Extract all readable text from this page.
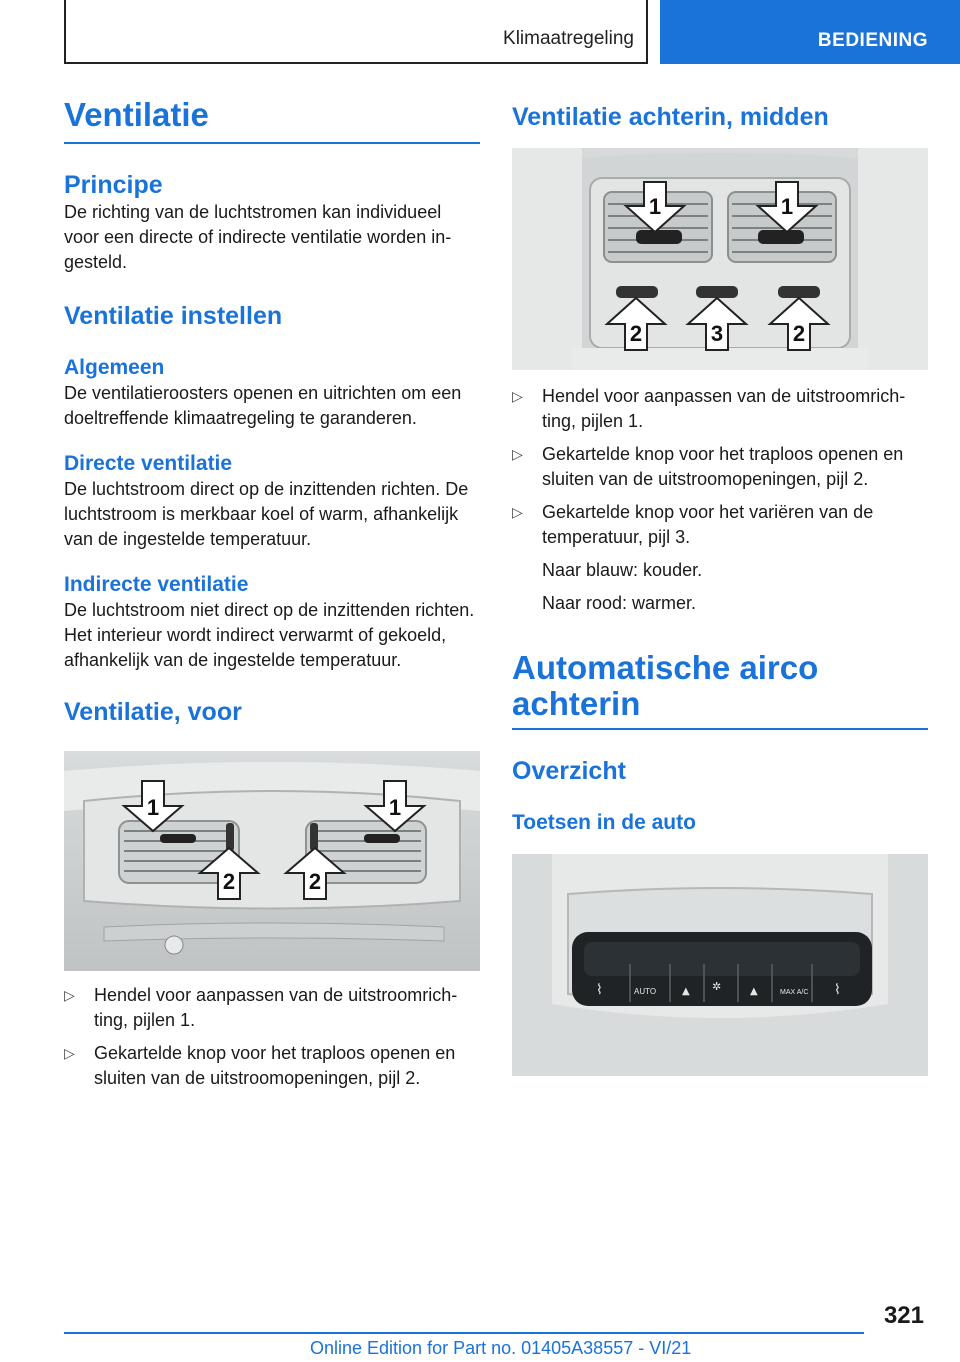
Klimaatregeling	BEDIENING
Ventilatie
Principe

De richting van de luchtstromen kan individueel voor een directe of indirecte ventilatie worden ingesteld.

Ventilatie instellen
Algemeen

De ventilatieroosters openen en uitrichten om een doeltreffende klimaatregeling te garanderen.

Directe ventilatie

De luchtstroom direct op de inzittenden richten. De luchtstroom is merkbaar koel of warm, afhankelijk van de ingestelde temperatuur.

Indirecte ventilatie

De luchtstroom niet direct op de inzittenden richten. Het interieur wordt indirect verwarmt of gekoeld, afhankelijk van de ingestelde temperatuur.

Ventilatie, voor
1	1
2	2
▷ Hendel voor aanpassen van de uitstroomrichting, pijlen 1.
▷ Gekartelde knop voor het traploos openen en sluiten van de uitstroomopeningen, pijl 2.
Ventilatie achterin, midden
1	1
2	3	2
▷ Hendel voor aanpassen van de uitstroomrichting, pijlen 1.
▷ Gekartelde knop voor het traploos openen en sluiten van de uitstroomopeningen, pijl 2.
▷ Gekartelde knop voor het variëren van de temperatuur, pijl 3.
Naar blauw: kouder.
Naar rood: warmer.
Automatische airco achterin
Overzicht
Toetsen in de auto
AUTO	MAX A/C
▲	▲
✲
⌇	⌇
321
Online Edition for Part no. 01405A38557 - VI/21
